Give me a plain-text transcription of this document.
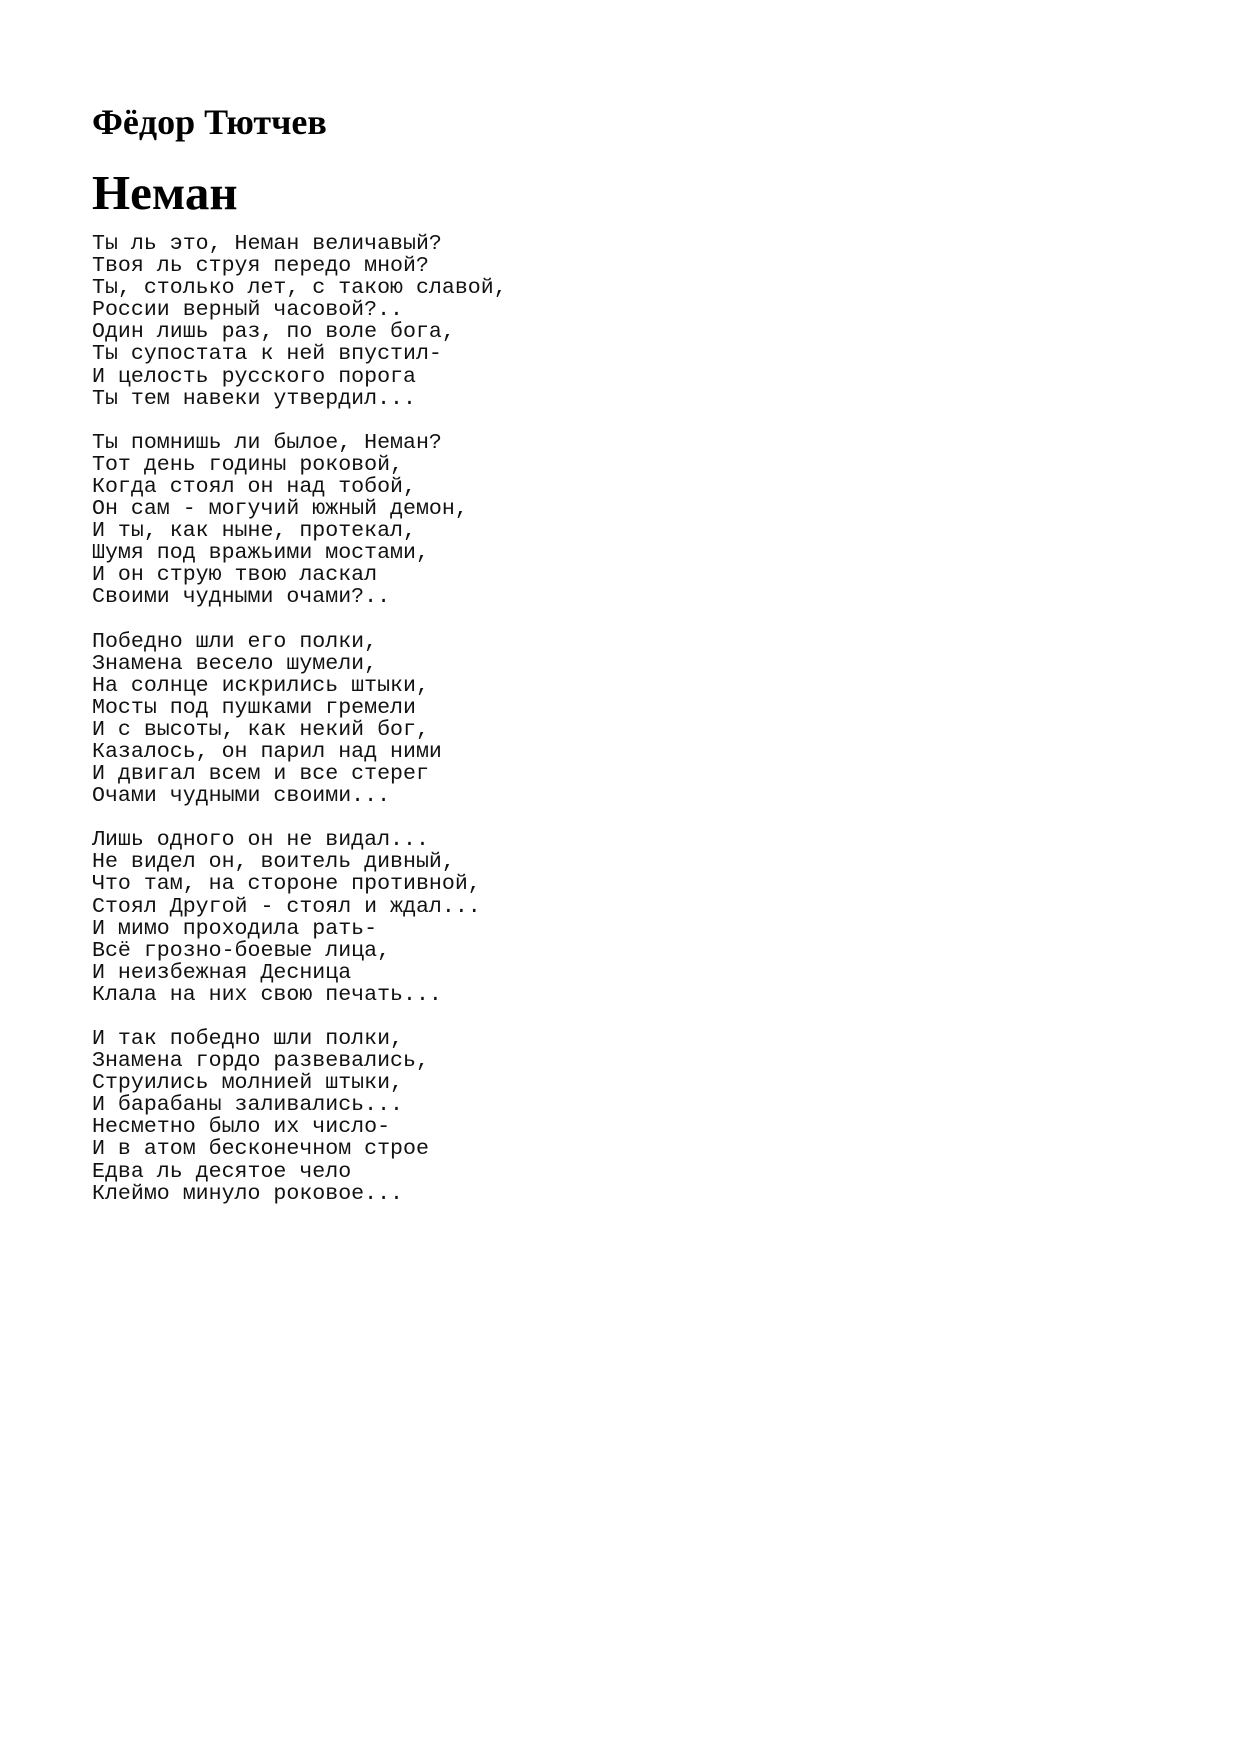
Фёдор Тютчев
Неман
Ты ль это, Неман величавый?
Твоя ль струя передо мной?
Ты, столько лет, с такою славой,
России верный часовой?..
Один лишь раз, по воле бога,
Ты супостата к ней впустил-
И целость русского порога
Ты тем навеки утвердил...
Ты помнишь ли былое, Неман?
Тот день годины роковой,
Когда стоял он над тобой,
Он сам - могучий южный демон,
И ты, как ныне, протекал,
Шумя под вражьими мостами,
И он струю твою ласкал
Своими чудными очами?..
Победно шли его полки,
Знамена весело шумели,
На солнце искрились штыки,
Мосты под пушками гремели
И с высоты, как некий бог,
Казалось, он парил над ними
И двигал всем и все стерег
Очами чудными своими...
Лишь одного он не видал...
Не видел он, воитель дивный,
Что там, на стороне противной,
Стоял Другой - стоял и ждал...
И мимо проходила рать-
Всё грозно-боевые лица,
И неизбежная Десница
Клала на них свою печать...
И так победно шли полки,
Знамена гордо развевались,
Струились молнией штыки,
И барабаны заливались...
Несметно было их число-
И в атом бесконечном строе
Едва ль десятое чело
Клеймо минуло роковое...
